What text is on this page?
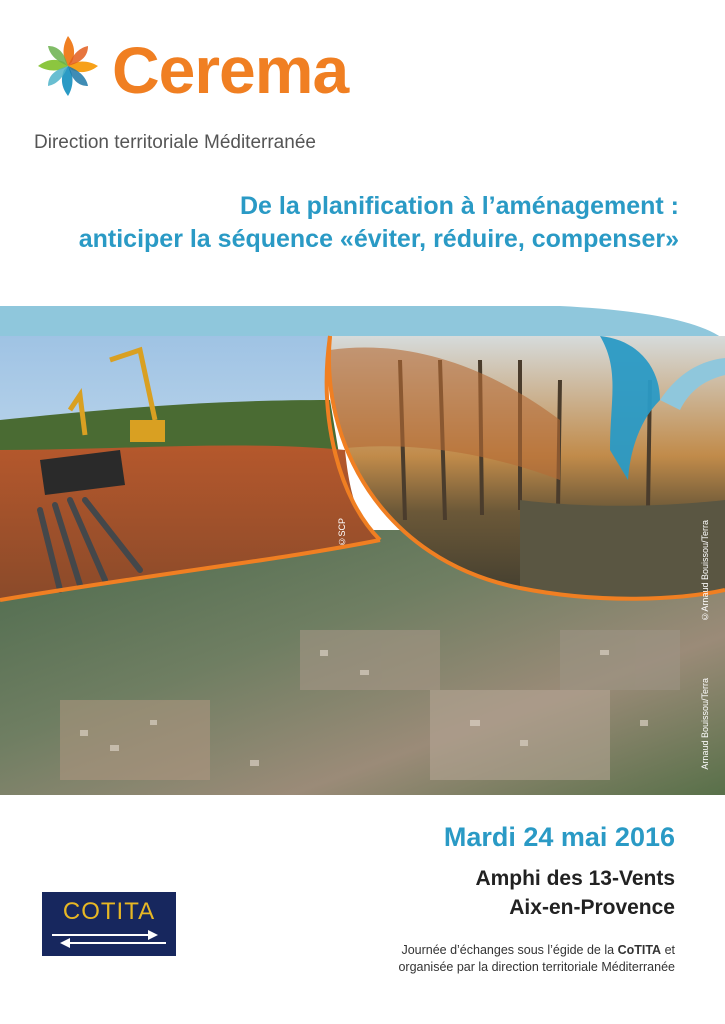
Cerema
Direction territoriale Méditerranée
De la planification à l’aménagement :
anticiper la séquence «éviter, réduire, compenser»
©SCP	©Arnaud Bouissou/Terra
Arnaud Bouissou/Terra
COTITA
Mardi 24 mai 2016
Amphi des 13-Vents
Aix-en-Provence
Journée d’échanges sous l’égide de la CoTITA et
organisée par la direction territoriale Méditerranée
